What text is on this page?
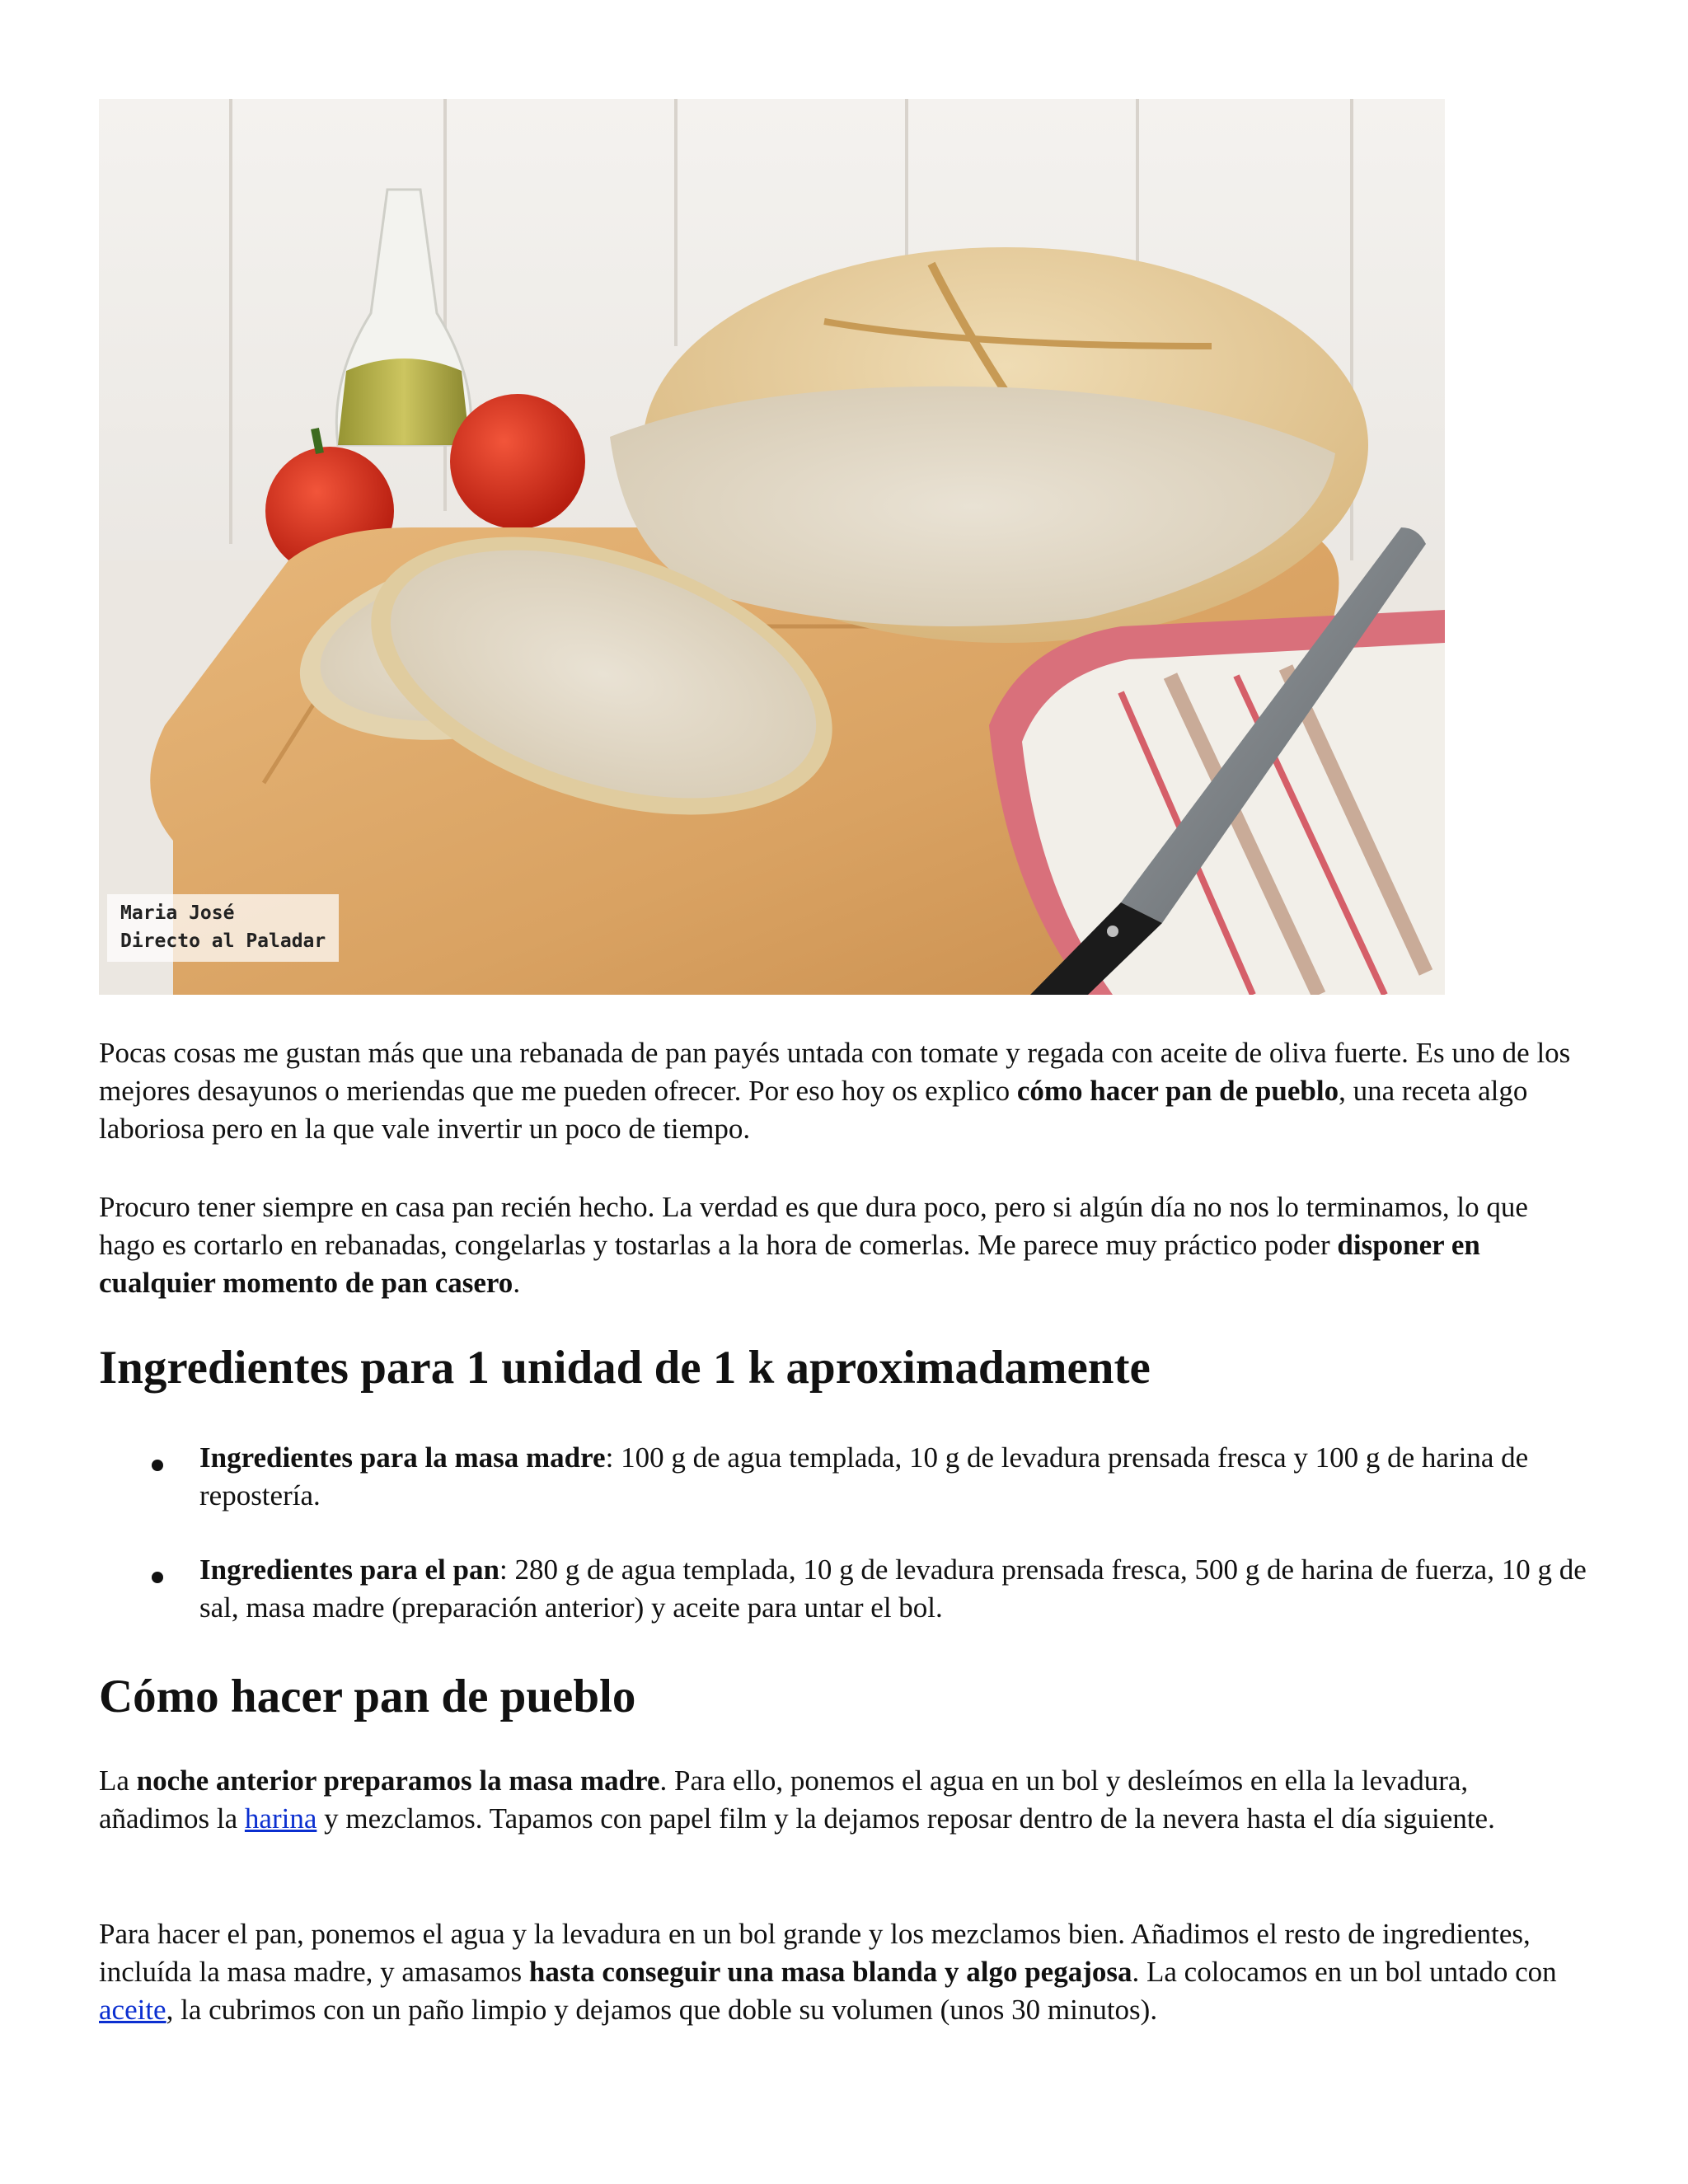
Maria José
Directo al Paladar

Pocas cosas me gustan más que una rebanada de pan payés untada con tomate y regada con aceite de oliva fuerte. Es uno de los mejores desayunos o meriendas que me pueden ofrecer. Por eso hoy os explico cómo hacer pan de pueblo, una receta algo laboriosa pero en la que vale invertir un poco de tiempo.

Procuro tener siempre en casa pan recién hecho. La verdad es que dura poco, pero si algún día no nos lo terminamos, lo que hago es cortarlo en rebanadas, congelarlas y tostarlas a la hora de comerlas. Me parece muy práctico poder disponer en cualquier momento de pan casero.

Ingredientes para 1 unidad de 1 k aproximadamente

Ingredientes para la masa madre: 100 g de agua templada, 10 g de levadura prensada fresca y 100 g de harina de repostería.

Ingredientes para el pan: 280 g de agua templada, 10 g de levadura prensada fresca, 500 g de harina de fuerza, 10 g de sal, masa madre (preparación anterior) y aceite para untar el bol.

Cómo hacer pan de pueblo

La noche anterior preparamos la masa madre. Para ello, ponemos el agua en un bol y desleímos en ella la levadura, añadimos la harina y mezclamos. Tapamos con papel film y la dejamos reposar dentro de la nevera hasta el día siguiente.

Para hacer el pan, ponemos el agua y la levadura en un bol grande y los mezclamos bien. Añadimos el resto de ingredientes, incluída la masa madre, y amasamos hasta conseguir una masa blanda y algo pegajosa. La colocamos en un bol untado con aceite, la cubrimos con un paño limpio y dejamos que doble su volumen (unos 30 minutos).
